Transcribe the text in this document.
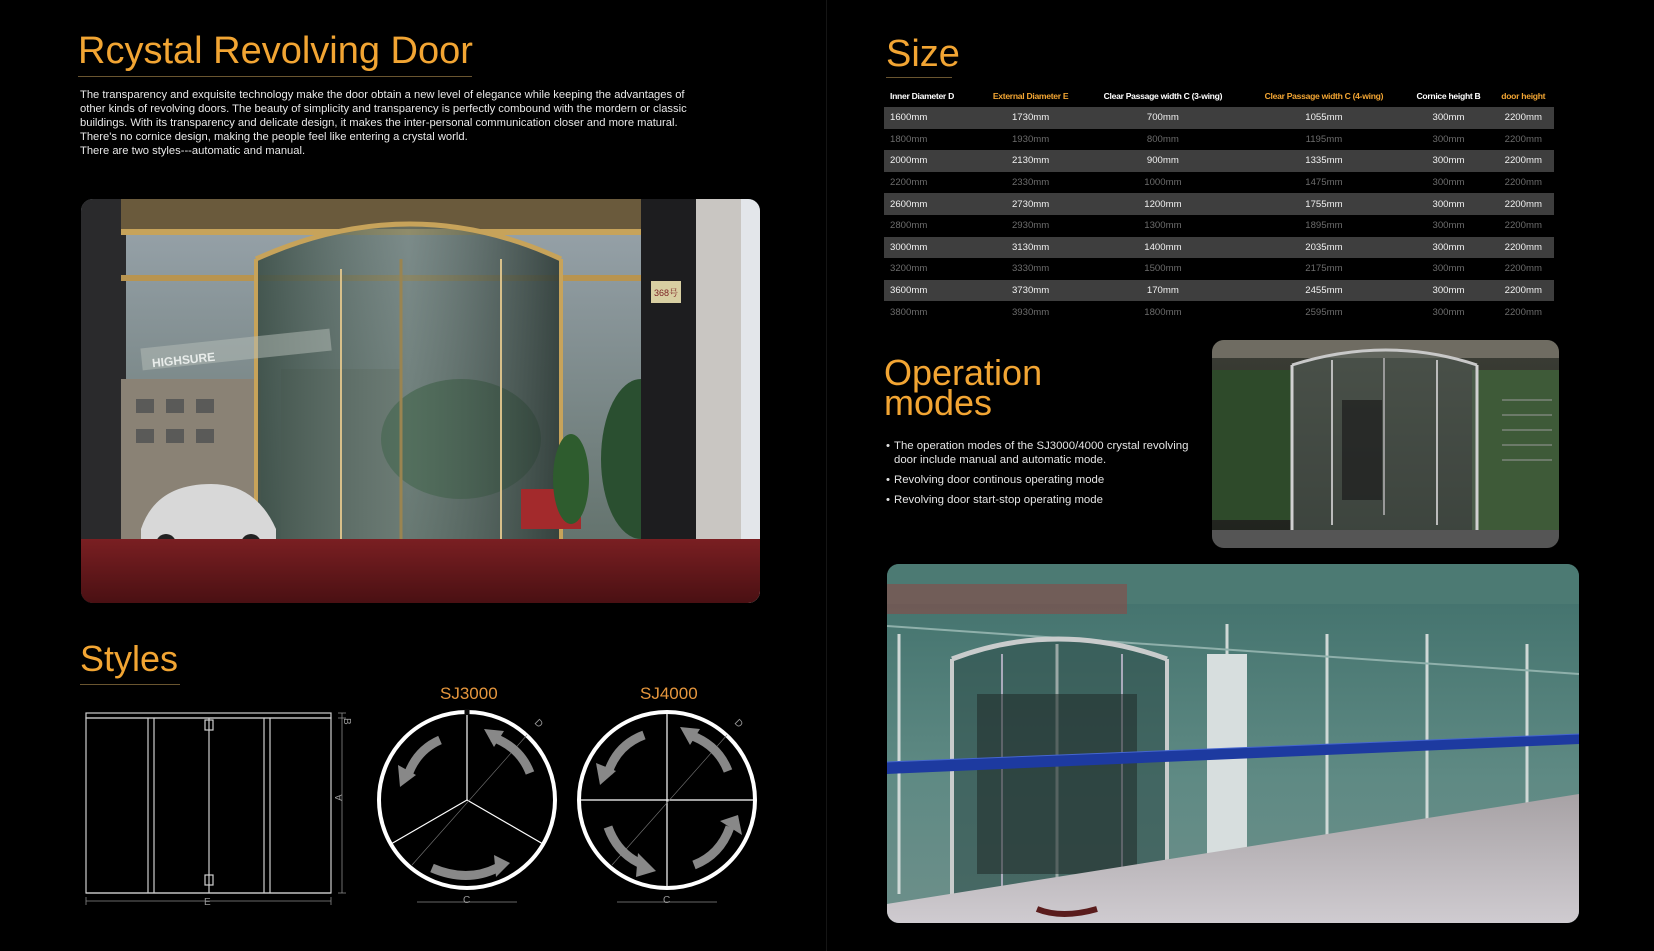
Rcystal Revolving Door
The transparency and exquisite technology make the door obtain a new level of elegance while keeping the advantages of
other kinds of revolving doors. The beauty of simplicity and transparency is perfectly combound with the mordern or classic
buildings. With its transparency and delicate design, it makes the inter-personal communication closer and more matural.
There's no cornice design, making the people feel like entering a crystal world.
There are two styles---automatic and manual.
368号
HIGHSURE
Styles
B
A
E
SJ3000
C
D
SJ4000
C
D
Size
Inner Diameter D	External Diameter E	Clear Passage width C (3-wing)	Clear Passage width C (4-wing)	Cornice height B	door height
1600mm	1730mm	700mm	1055mm	300mm	2200mm
1800mm	1930mm	800mm	1195mm	300mm	2200mm
2000mm	2130mm	900mm	1335mm	300mm	2200mm
2200mm	2330mm	1000mm	1475mm	300mm	2200mm
2600mm	2730mm	1200mm	1755mm	300mm	2200mm
2800mm	2930mm	1300mm	1895mm	300mm	2200mm
3000mm	3130mm	1400mm	2035mm	300mm	2200mm
3200mm	3330mm	1500mm	2175mm	300mm	2200mm
3600mm	3730mm	170mm	2455mm	300mm	2200mm
3800mm	3930mm	1800mm	2595mm	300mm	2200mm
Operation
modes
• The operation modes of the SJ3000/4000 crystal revolving door include manual and automatic mode.
• Revolving door continous operating mode
• Revolving door start-stop operating mode
